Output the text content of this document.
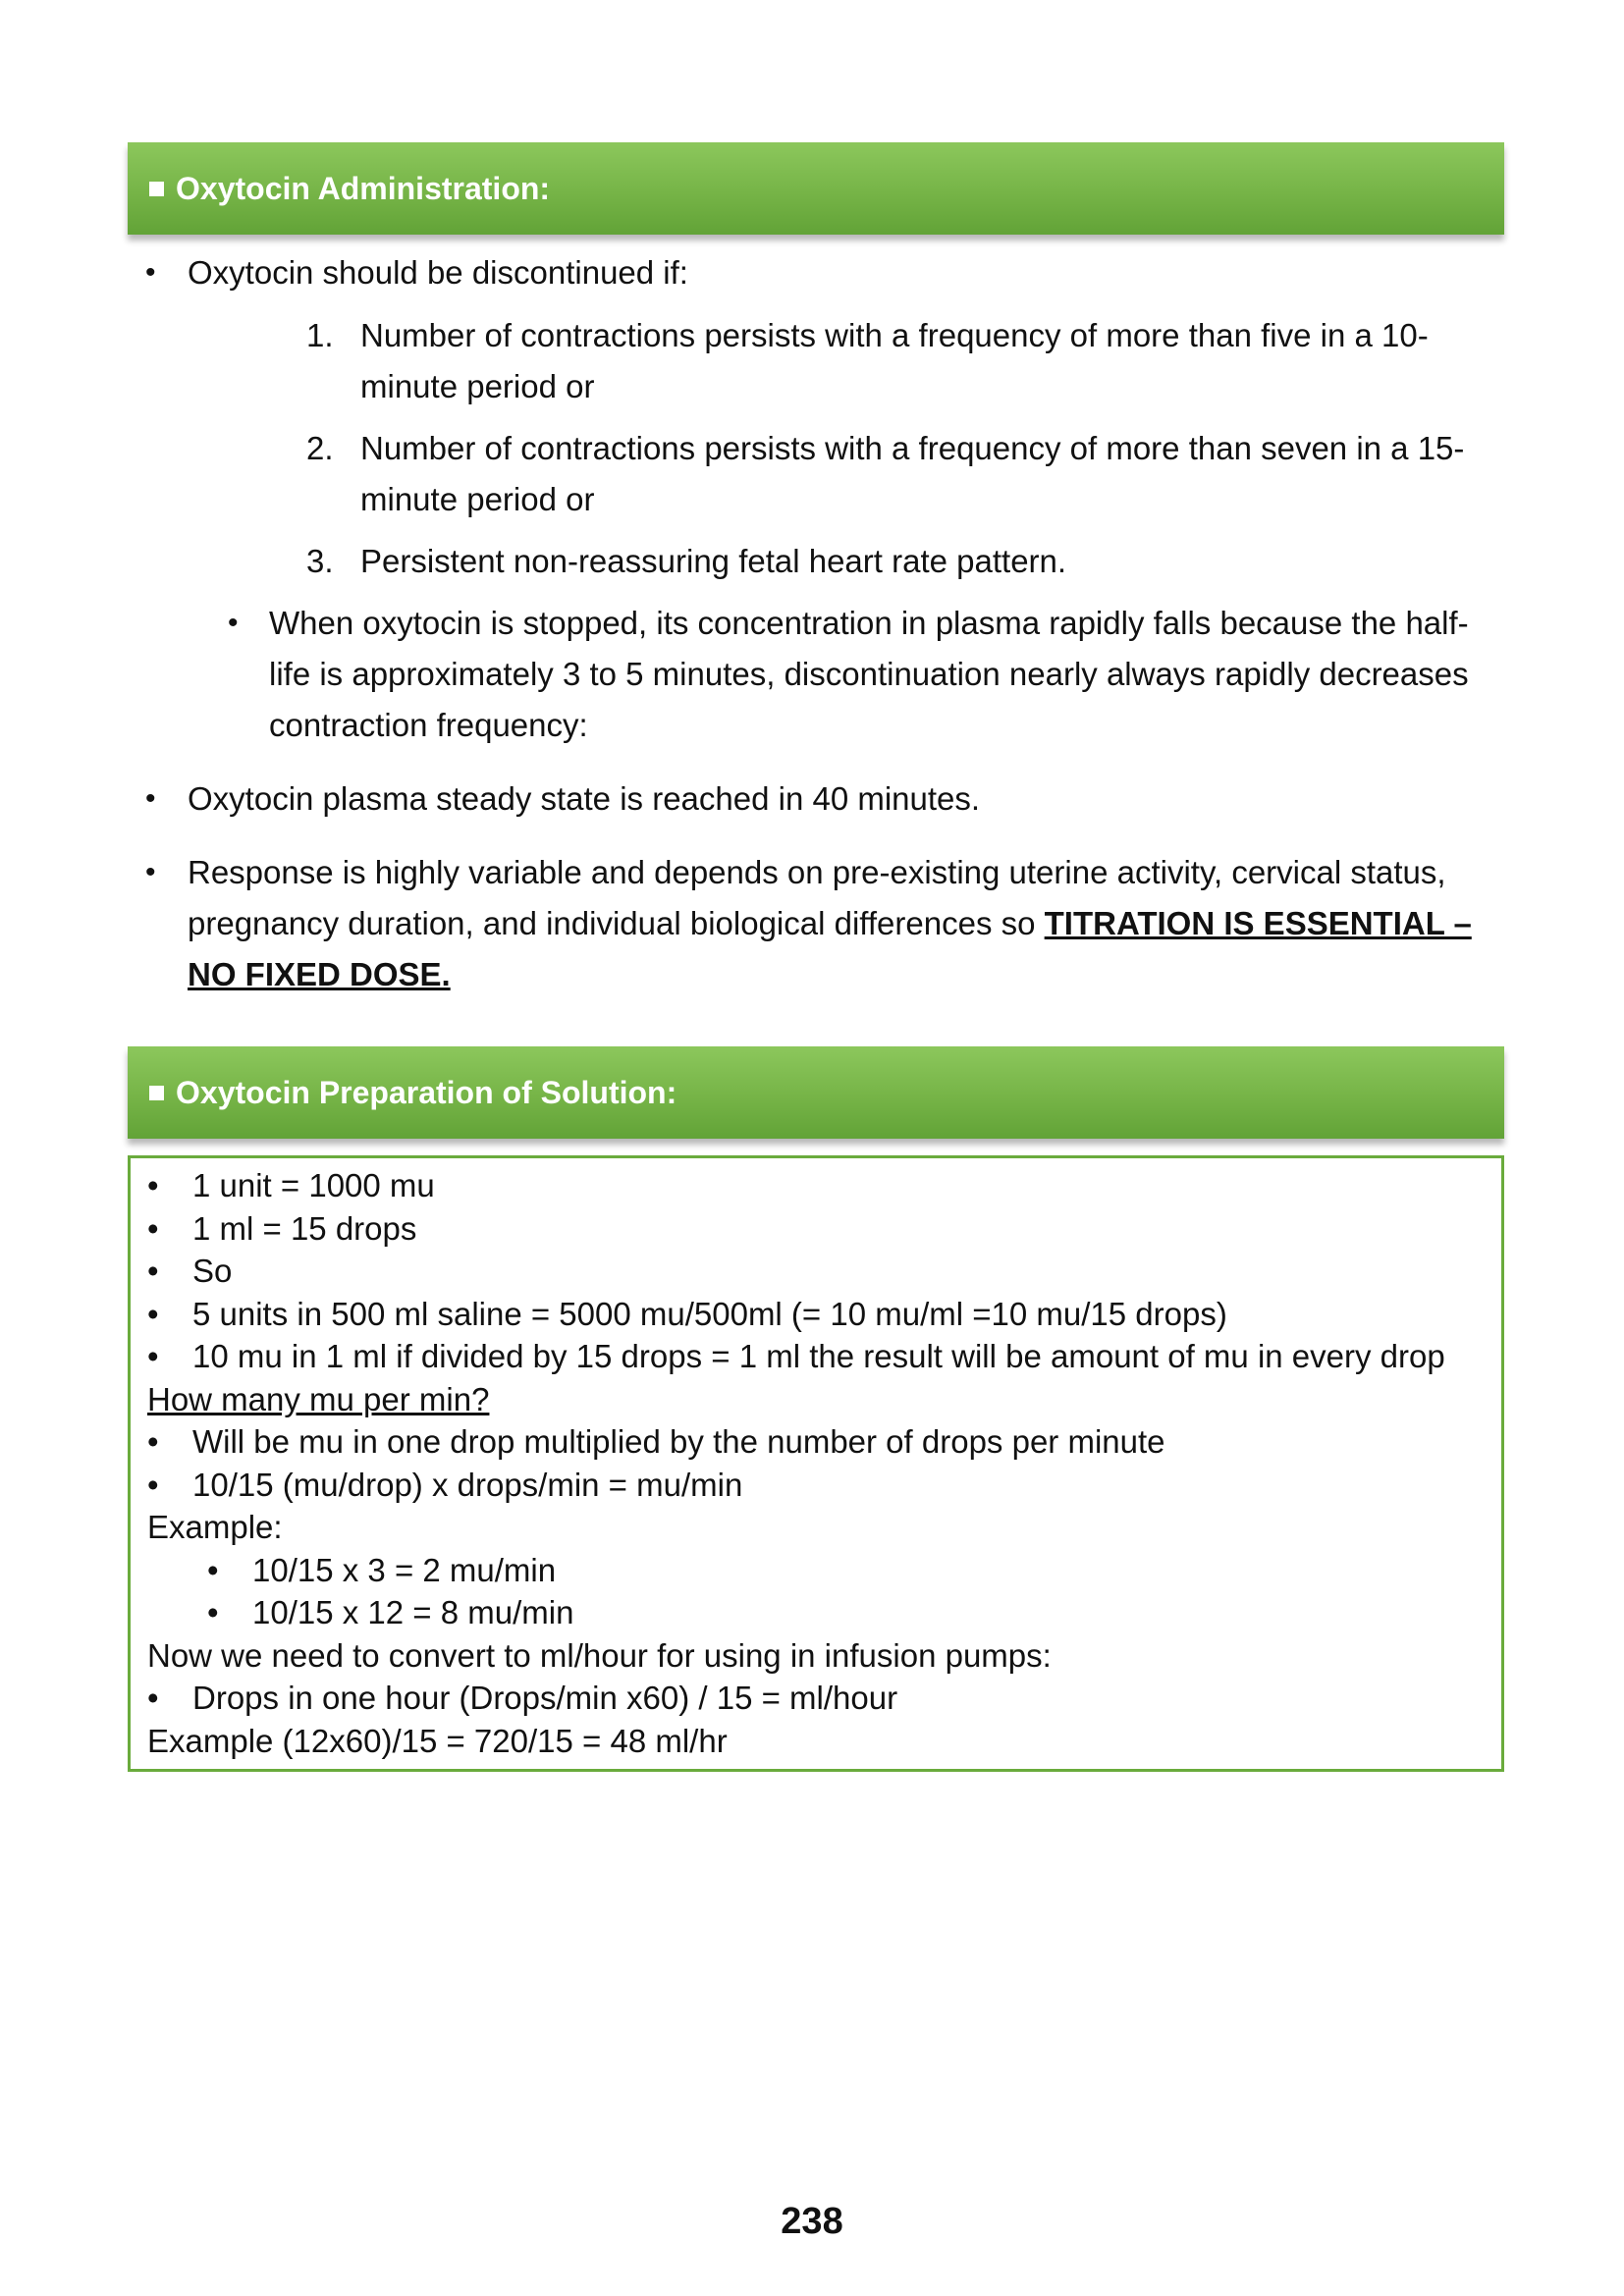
Oxytocin Administration:
• Oxytocin should be discontinued if:
1. Number of contractions persists with a frequency of more than five in a 10-
minute period or
2. Number of contractions persists with a frequency of more than seven in a 15-
minute period or
3. Persistent non-reassuring fetal heart rate pattern.
• When oxytocin is stopped, its concentration in plasma rapidly falls because the half-
life is approximately 3 to 5 minutes, discontinuation nearly always rapidly decreases
contraction frequency:
• Oxytocin plasma steady state is reached in 40 minutes.
• Response is highly variable and depends on pre-existing uterine activity, cervical status,
pregnancy duration, and individual biological differences so TITRATION IS ESSENTIAL –
NO FIXED DOSE.
Oxytocin Preparation of Solution:
• 1 unit = 1000 mu
• 1 ml = 15 drops
• So
• 5 units in 500 ml saline = 5000 mu/500ml (= 10 mu/ml =10 mu/15 drops)
• 10 mu in 1 ml if divided by 15 drops = 1 ml the result will be amount of mu in every drop
How many mu per min?
• Will be mu in one drop multiplied by the number of drops per minute
• 10/15 (mu/drop) x drops/min = mu/min
Example:
• 10/15 x 3 = 2 mu/min
• 10/15 x 12 = 8 mu/min
Now we need to convert to ml/hour for using in infusion pumps:
• Drops in one hour (Drops/min x60) / 15 = ml/hour
Example (12x60)/15 = 720/15 = 48 ml/hr
238
